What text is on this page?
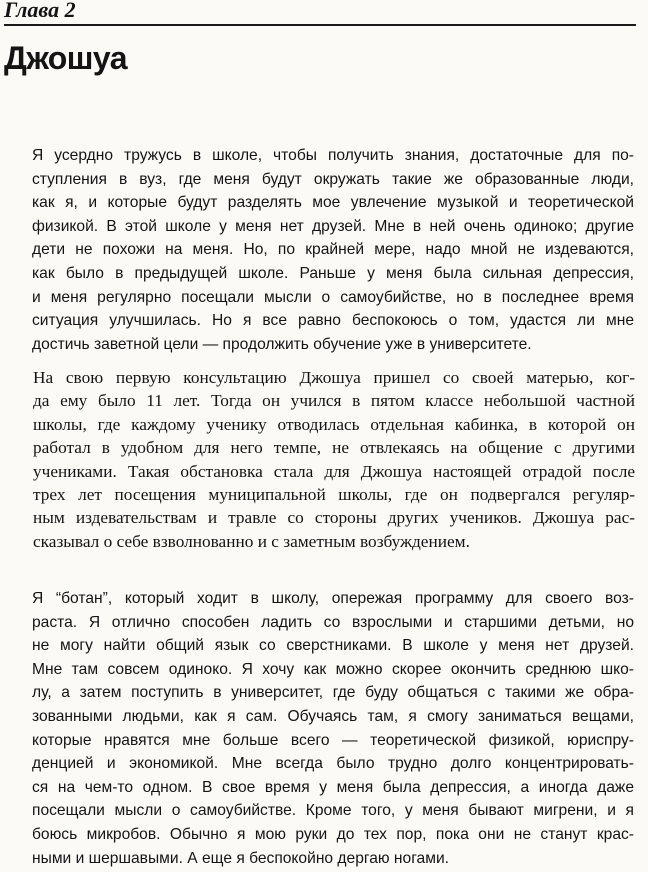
Глава 2
Джошуа
Я усердно тружусь в школе, чтобы получить знания, достаточные для по-
ступления в вуз, где меня будут окружать такие же образованные люди,
как я, и которые будут разделять мое увлечение музыкой и теоретической
физикой. В этой школе у меня нет друзей. Мне в ней очень одиноко; другие
дети не похожи на меня. Но, по крайней мере, надо мной не издеваются,
как было в предыдущей школе. Раньше у меня была сильная депрессия,
и меня регулярно посещали мысли о самоубийстве, но в последнее время
ситуация улучшилась. Но я все равно беспокоюсь о том, удастся ли мне
достичь заветной цели — продолжить обучение уже в университете.
На свою первую консультацию Джошуа пришел со своей матерью, ког-
да ему было 11 лет. Тогда он учился в пятом классе небольшой частной
школы, где каждому ученику отводилась отдельная кабинка, в которой он
работал в удобном для него темпе, не отвлекаясь на общение с другими
учениками. Такая обстановка стала для Джошуа настоящей отрадой после
трех лет посещения муниципальной школы, где он подвергался регуляр-
ным издевательствам и травле со стороны других учеников. Джошуа рас-
сказывал о себе взволнованно и с заметным возбуждением.
Я “ботан”, который ходит в школу, опережая программу для своего воз-
раста. Я отлично способен ладить со взрослыми и старшими детьми, но
не могу найти общий язык со сверстниками. В школе у меня нет друзей.
Мне там совсем одиноко. Я хочу как можно скорее окончить среднюю шко-
лу, а затем поступить в университет, где буду общаться с такими же обра-
зованными людьми, как я сам. Обучаясь там, я смогу заниматься вещами,
которые нравятся мне больше всего — теоретической физикой, юриспру-
денцией и экономикой. Мне всегда было трудно долго концентрировать-
ся на чем-то одном. В свое время у меня была депрессия, а иногда даже
посещали мысли о самоубийстве. Кроме того, у меня бывают мигрени, и я
боюсь микробов. Обычно я мою руки до тех пор, пока они не станут крас-
ными и шершавыми. А еще я беспокойно дергаю ногами.
